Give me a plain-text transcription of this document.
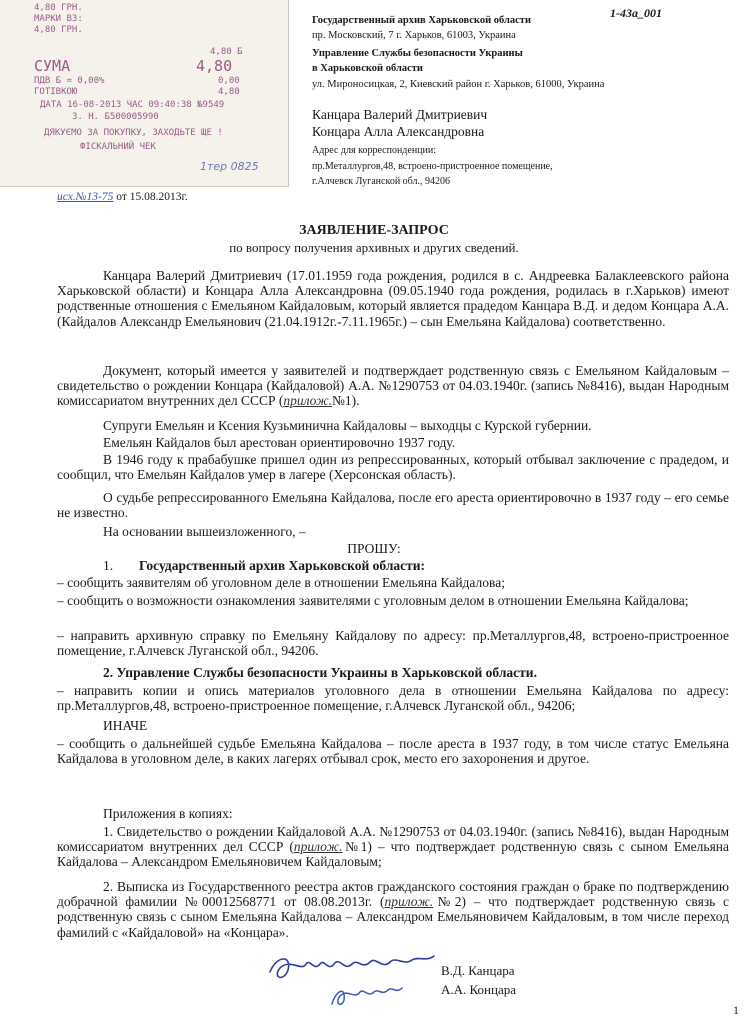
4,80 ГРН.
МАРКИ ВЗ:
4,80 ГРН.
4,80 Б
СУМА	4,80
ПДВ Б = 0,00%	0,00
ГОТІВКОЮ	4,80
ДАТА 16-08-2013 ЧАС 09:40:38 №9549
З. Н. Б500005990
ДЯКУЄМО ЗА ПОКУПКУ, ЗАХОДЬТЕ ЩЕ !
ФІСКАЛЬНИЙ ЧЕК
1тер 0825
1-43а_001
Государственный архив Харьковской области
пр. Московский, 7 г. Харьков, 61003, Украина
Управление Службы безопасности Украины
в Харьковской области
ул. Мироносицкая, 2, Киевский район г. Харьков, 61000, Украина
Канцара Валерий Дмитриевич
Концара Алла Александровна
Адрес для корреспонденции:
пр.Металлургов,48, встроено-пристроенное помещение,
г.Алчевск Луганской обл., 94206
исх.№13-75 от 15.08.2013г.
ЗАЯВЛЕНИЕ-ЗАПРОС
по вопросу получения архивных и других сведений.
Канцара Валерий Дмитриевич (17.01.1959 года рождения, родился в с. Андреевка Балаклеевского района Харьковской области) и Концара Алла Александровна (09.05.1940 года рождения, родилась в г.Харьков) имеют родственные отношения с Емельяном Кайдаловым, который является прадедом Канцара В.Д. и дедом Концара А.А. (Кайдалов Александр Емельянович (21.04.1912г.-7.11.1965г.) – сын Емельяна Кайдалова) соответственно.
Документ, который имеется у заявителей и подтверждает родственную связь с Емельяном Кайдаловым – свидетельство о рождении Концара (Кайдаловой) А.А. №1290753 от 04.03.1940г. (запись №8416), выдан Народным комиссариатом внутренних дел СССР (прилож.№1).
Супруги Емельян и Ксения Кузьминична Кайдаловы – выходцы с Курской губернии.
Емельян Кайдалов был арестован ориентировочно 1937 году.
В 1946 году к прабабушке пришел один из репрессированных, который отбывал заключение с прадедом, и сообщил, что Емельян Кайдалов умер в лагере (Херсонская область).
О судьбе репрессированного Емельяна Кайдалова, после его ареста ориентировочно в 1937 году – его семье не известно.
На основании вышеизложенного, –
ПРОШУ:
1. Государственный архив Харьковской области:
– сообщить заявителям об уголовном деле в отношении Емельяна Кайдалова;
– сообщить о возможности ознакомления заявителями с уголовным делом в отношении Емельяна Кайдалова;
– направить архивную справку по Емельяну Кайдалову по адресу: пр.Металлургов,48, встроено-пристроенное помещение, г.Алчевск Луганской обл., 94206.
2. Управление Службы безопасности Украины в Харьковской области.
– направить копии и опись материалов уголовного дела в отношении Емельяна Кайдалова по адресу: пр.Металлургов,48, встроено-пристроенное помещение, г.Алчевск Луганской обл., 94206;
ИНАЧЕ
– сообщить о дальнейшей судьбе Емельяна Кайдалова – после ареста в 1937 году, в том числе статус Емельяна Кайдалова в уголовном деле, в каких лагерях отбывал срок, место его захоронения и другое.
Приложения в копиях:
1. Свидетельство о рождении Кайдаловой А.А. №1290753 от 04.03.1940г. (запись №8416), выдан Народным комиссариатом внутренних дел СССР (прилож.№1) – что подтверждает родственную связь с сыном Емельяна Кайдалова – Александром Емельяновичем Кайдаловым;
2. Выписка из Государственного реестра актов гражданского состояния граждан о браке по подтверждению добрачной фамилии №00012568771 от 08.08.2013г. (прилож.№2) – что подтверждает родственную связь с родственную связь с сыном Емельяна Кайдалова – Александром Емельяновичем Кайдаловым, в том числе переход фамилий с «Кайдаловой» на «Концара».
В.Д. Канцара
А.А. Концара
1
